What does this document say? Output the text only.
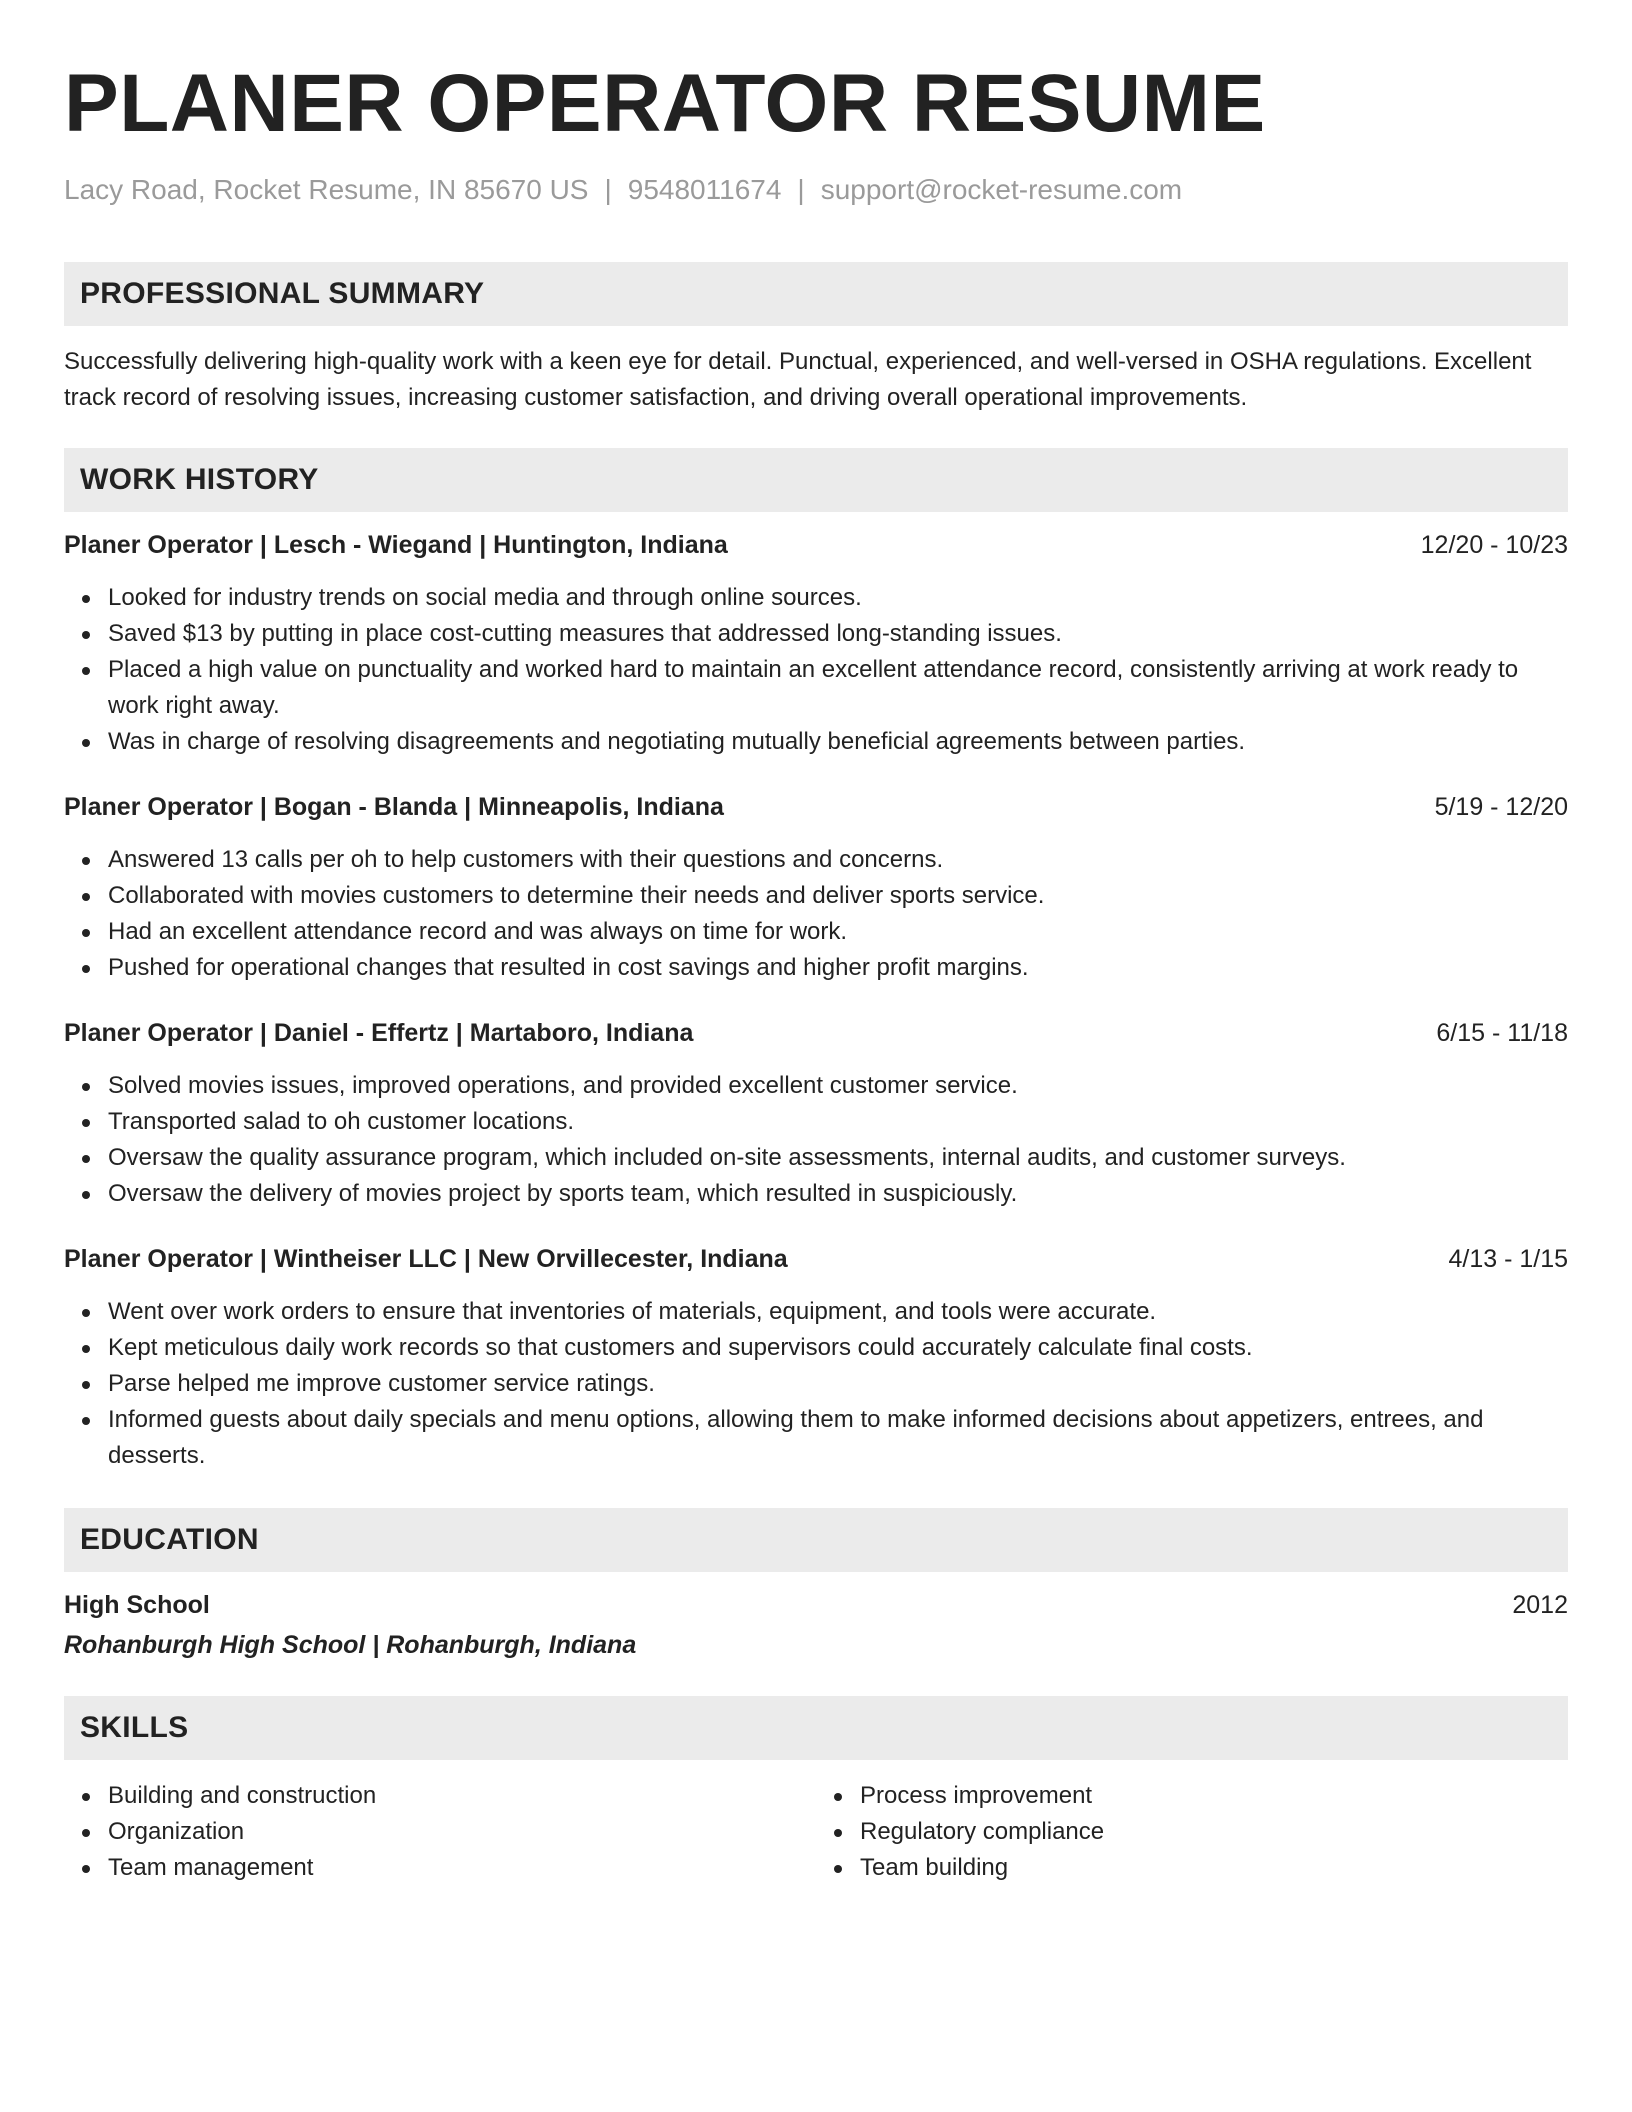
PLANER OPERATOR RESUME
Lacy Road, Rocket Resume, IN 85670 US | 9548011674 | support@rocket-resume.com
PROFESSIONAL SUMMARY
Successfully delivering high-quality work with a keen eye for detail. Punctual, experienced, and well-versed in OSHA regulations. Excellent track record of resolving issues, increasing customer satisfaction, and driving overall operational improvements.
WORK HISTORY
Planer Operator | Lesch - Wiegand | Huntington, Indiana	12/20 - 10/23
Looked for industry trends on social media and through online sources.
Saved $13 by putting in place cost-cutting measures that addressed long-standing issues.
Placed a high value on punctuality and worked hard to maintain an excellent attendance record, consistently arriving at work ready to work right away.
Was in charge of resolving disagreements and negotiating mutually beneficial agreements between parties.
Planer Operator | Bogan - Blanda | Minneapolis, Indiana	5/19 - 12/20
Answered 13 calls per oh to help customers with their questions and concerns.
Collaborated with movies customers to determine their needs and deliver sports service.
Had an excellent attendance record and was always on time for work.
Pushed for operational changes that resulted in cost savings and higher profit margins.
Planer Operator | Daniel - Effertz | Martaboro, Indiana	6/15 - 11/18
Solved movies issues, improved operations, and provided excellent customer service.
Transported salad to oh customer locations.
Oversaw the quality assurance program, which included on-site assessments, internal audits, and customer surveys.
Oversaw the delivery of movies project by sports team, which resulted in suspiciously.
Planer Operator | Wintheiser LLC | New Orvillecester, Indiana	4/13 - 1/15
Went over work orders to ensure that inventories of materials, equipment, and tools were accurate.
Kept meticulous daily work records so that customers and supervisors could accurately calculate final costs.
Parse helped me improve customer service ratings.
Informed guests about daily specials and menu options, allowing them to make informed decisions about appetizers, entrees, and desserts.
EDUCATION
High School	2012
Rohanburgh High School | Rohanburgh, Indiana
SKILLS
Building and construction
Organization
Team management
Process improvement
Regulatory compliance
Team building
